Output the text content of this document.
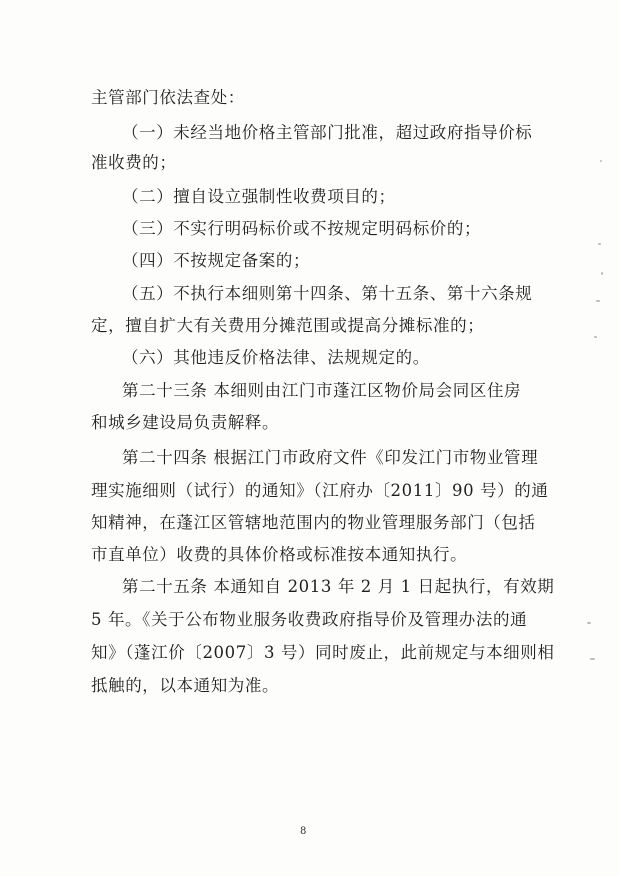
主管部门依法查处：
（一）未经当地价格主管部门批准，超过政府指导价标
准收费的；
（二）擅自设立强制性收费项目的；
（三）不实行明码标价或不按规定明码标价的；
（四）不按规定备案的；
（五）不执行本细则第十四条、第十五条、第十六条规
定，擅自扩大有关费用分摊范围或提高分摊标准的；
（六）其他违反价格法律、法规规定的。
第二十三条 本细则由江门市蓬江区物价局会同区住房
和城乡建设局负责解释。
第二十四条 根据江门市政府文件《印发江门市物业管理
理实施细则（试行）的通知》（江府办〔2011〕90 号）的通
知精神，在蓬江区管辖地范围内的物业管理服务部门（包括
市直单位）收费的具体价格或标准按本通知执行。
第二十五条 本通知自 2013 年 2 月 1 日起执行，有效期
5 年。《关于公布物业服务收费政府指导价及管理办法的通
知》（蓬江价〔2007〕3 号）同时废止，此前规定与本细则相
抵触的，以本通知为准。
8
